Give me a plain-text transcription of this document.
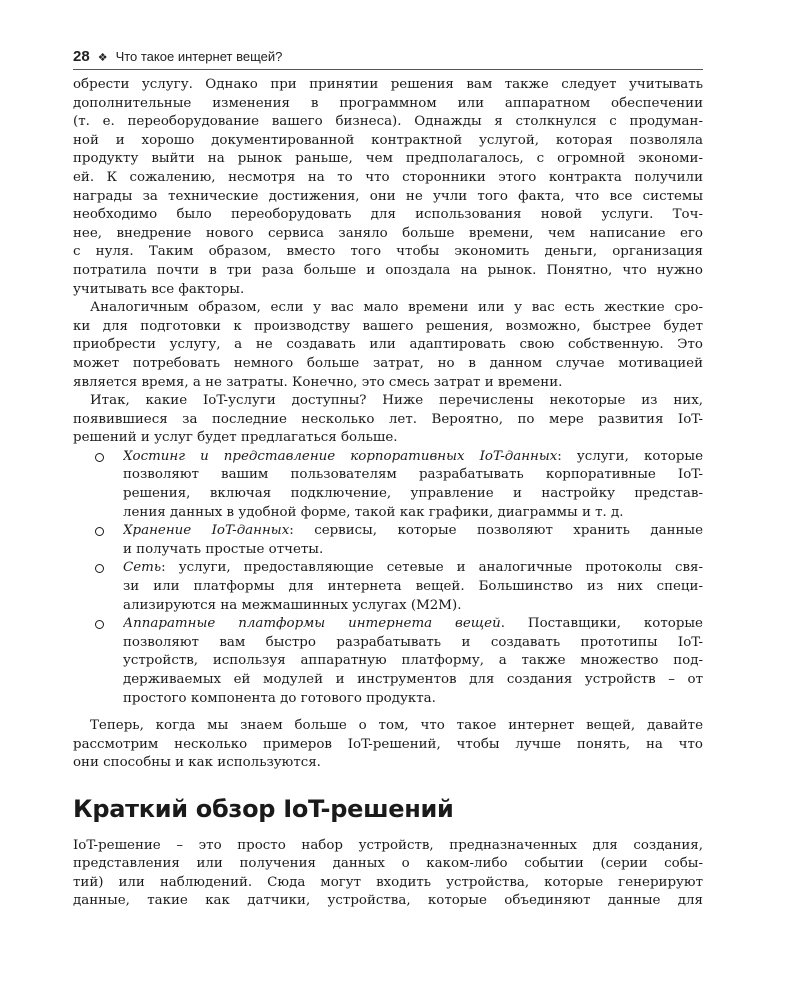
28 ❖ Что такое интернет вещей?
обрести услугу. Однако при принятии решения вам также следует учитывать
дополнительные изменения в программном или аппаратном обеспечении
(т. е. переоборудование вашего бизнеса). Однажды я столкнулся с продуман-
ной и хорошо документированной контрактной услугой, которая позволяла
продукту выйти на рынок раньше, чем предполагалось, с огромной экономи-
ей. К сожалению, несмотря на то что сторонники этого контракта получили
награды за технические достижения, они не учли того факта, что все системы
необходимо было переоборудовать для использования новой услуги. Точ-
нее, внедрение нового сервиса заняло больше времени, чем написание его
с нуля. Таким образом, вместо того чтобы экономить деньги, организация
потратила почти в три раза больше и опоздала на рынок. Понятно, что нужно
учитывать все факторы.
Аналогичным образом, если у вас мало времени или у вас есть жесткие сро-
ки для подготовки к производству вашего решения, возможно, быстрее будет
приобрести услугу, а не создавать или адаптировать свою собственную. Это
может потребовать немного больше затрат, но в данном случае мотивацией
является время, а не затраты. Конечно, это смесь затрат и времени.
Итак, какие IoT-услуги доступны? Ниже перечислены некоторые из них,
появившиеся за последние несколько лет. Вероятно, по мере развития IoT-
решений и услуг будет предлагаться больше.
Хостинг и представление корпоративных IoT-данных: услуги, которые
позволяют вашим пользователям разрабатывать корпоративные IoT-
решения, включая подключение, управление и настройку представ-
ления данных в удобной форме, такой как графики, диаграммы и т. д.
Хранение IoT-данных: сервисы, которые позволяют хранить данные
и получать простые отчеты.
Сеть: услуги, предоставляющие сетевые и аналогичные протоколы свя-
зи или платформы для интернета вещей. Большинство из них специ-
ализируются на межмашинных услугах (M2M).
Аппаратные платформы интернета вещей. Поставщики, которые
позволяют вам быстро разрабатывать и создавать прототипы IoT-
устройств, используя аппаратную платформу, а также множество под-
держиваемых ей модулей и инструментов для создания устройств – от
простого компонента до готового продукта.
Теперь, когда мы знаем больше о том, что такое интернет вещей, давайте
рассмотрим несколько примеров IoT-решений, чтобы лучше понять, на что
они способны и как используются.
Краткий обзор IoT-решений
IoT-решение – это просто набор устройств, предназначенных для создания,
представления или получения данных о каком-либо событии (серии собы-
тий) или наблюдений. Сюда могут входить устройства, которые генерируют
данные, такие как датчики, устройства, которые объединяют данные для
